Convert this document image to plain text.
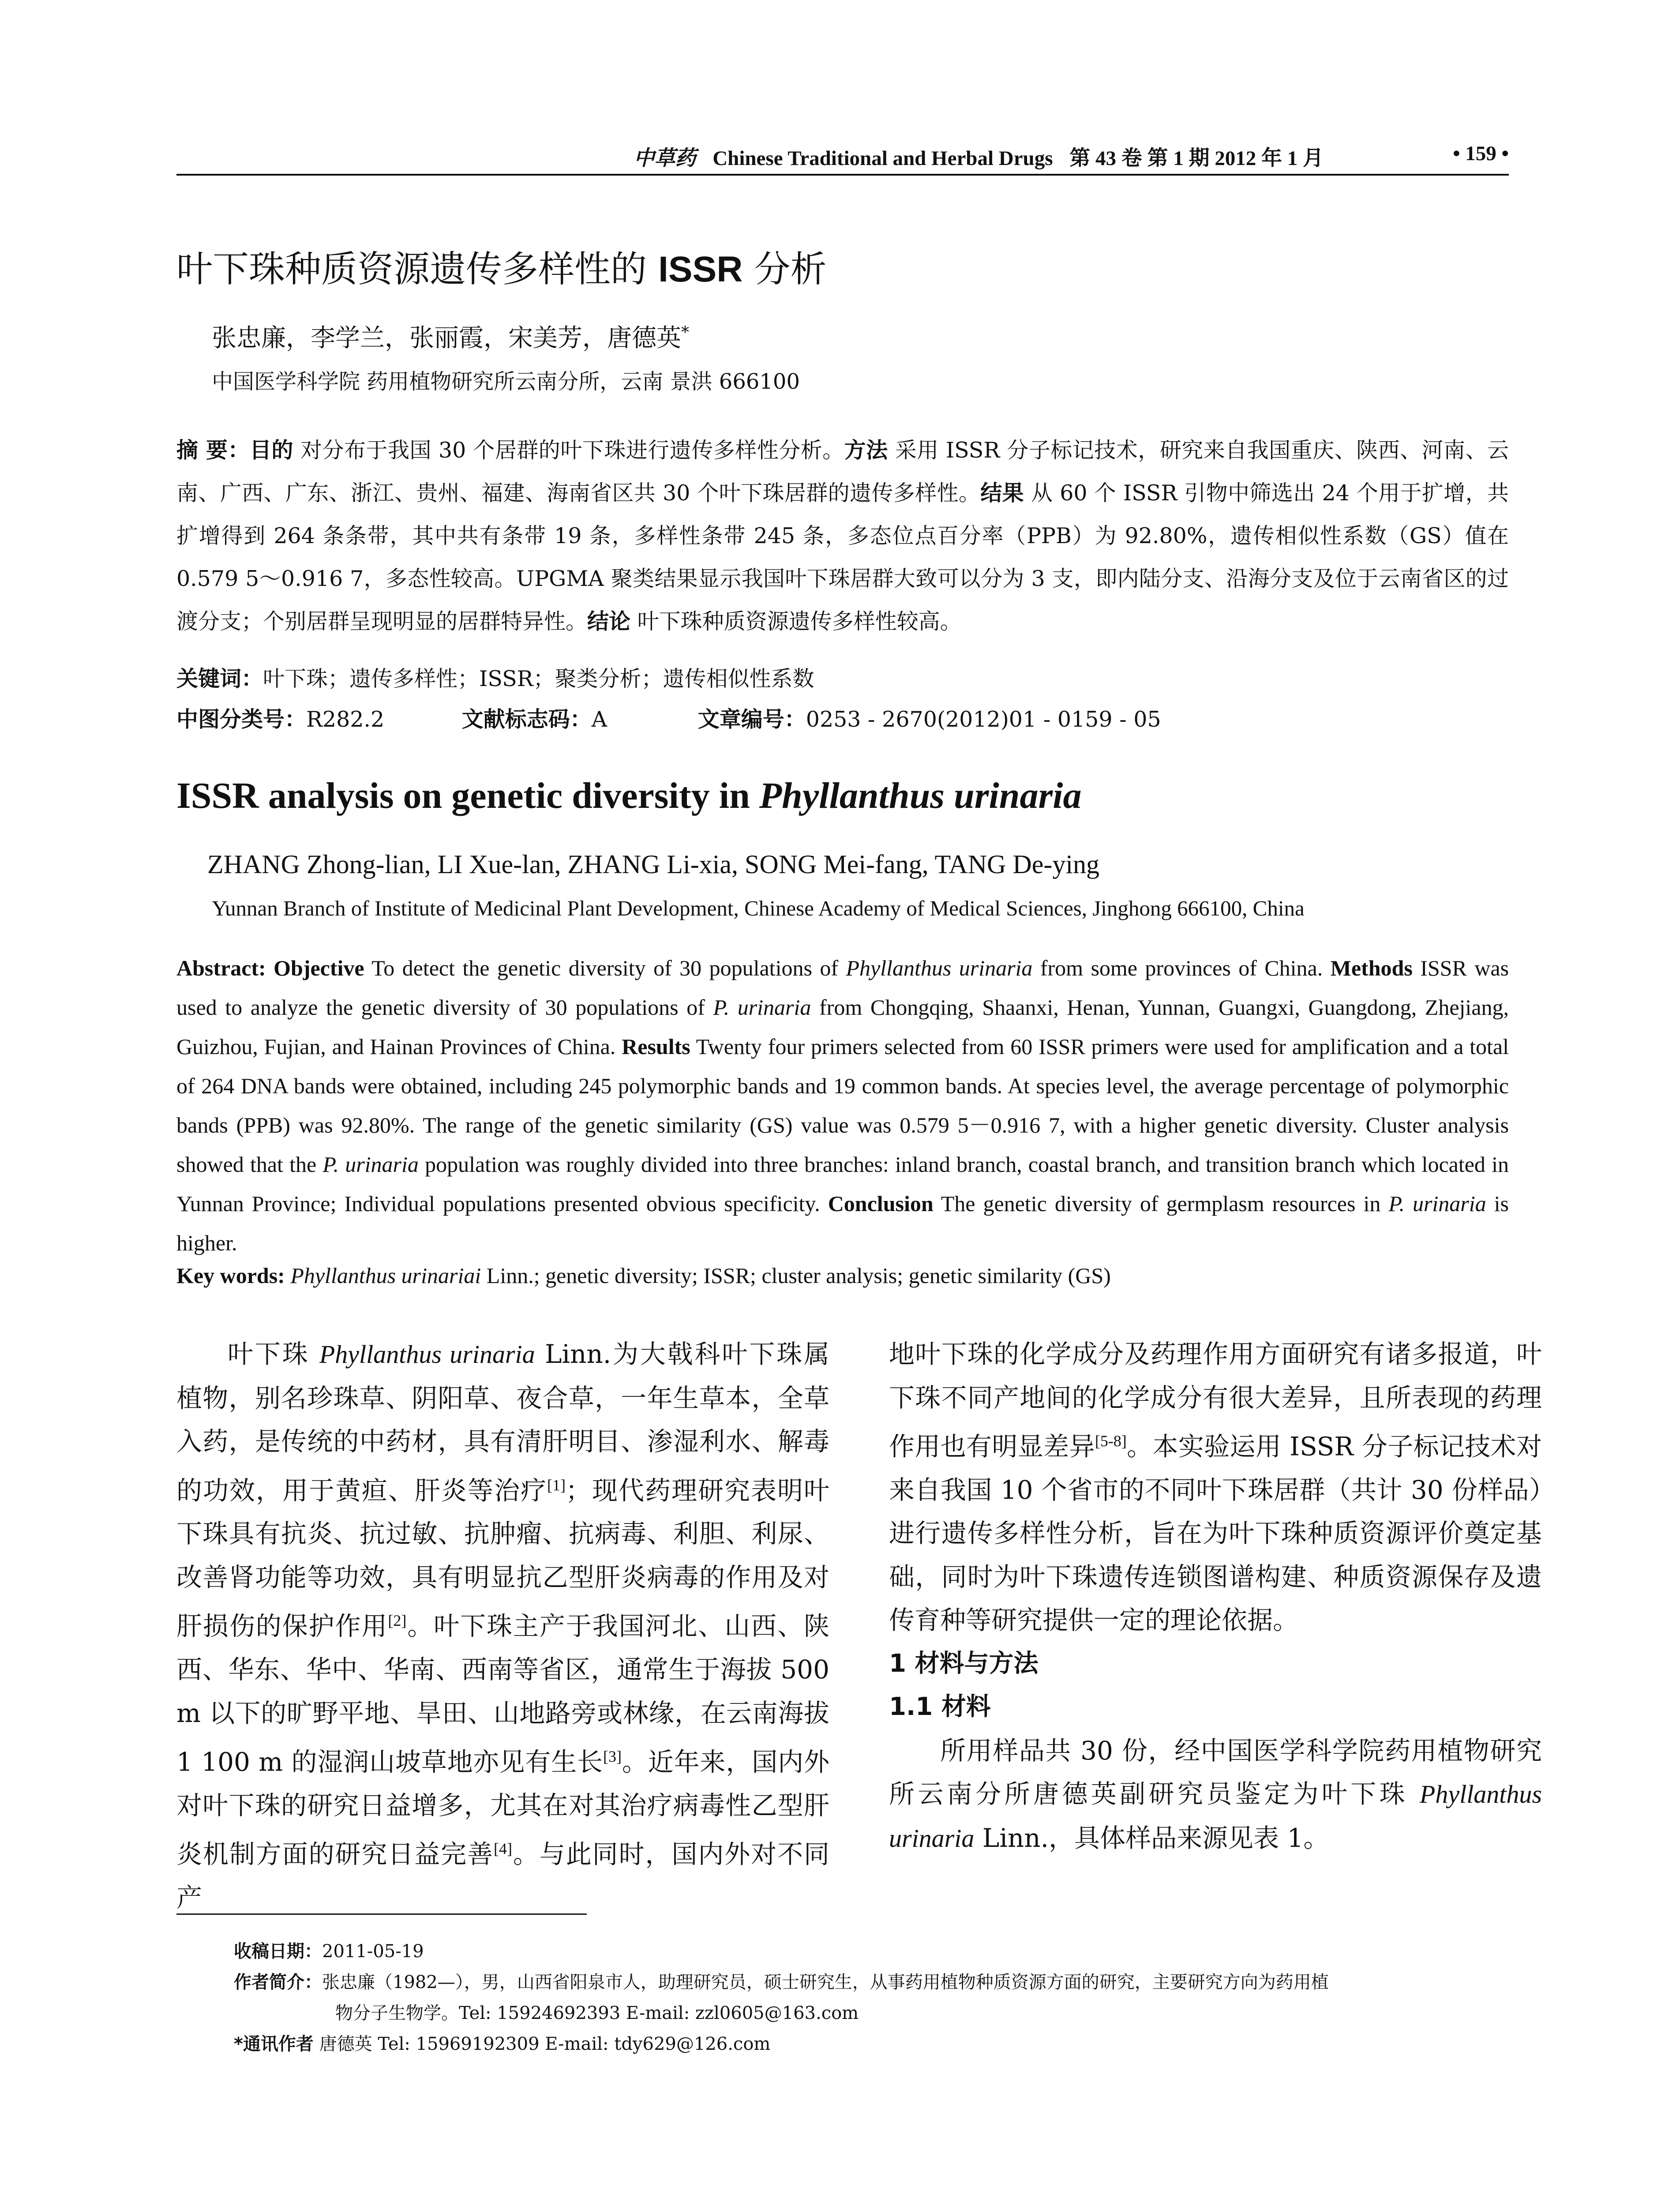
中草药 Chinese Traditional and Herbal Drugs 第 43 卷 第 1 期 2012 年 1 月	• 159 •
叶下珠种质资源遗传多样性的 ISSR 分析
张忠廉，李学兰，张丽霞，宋美芳，唐德英*
中国医学科学院 药用植物研究所云南分所，云南 景洪 666100
摘 要：目的 对分布于我国 30 个居群的叶下珠进行遗传多样性分析。方法 采用 ISSR 分子标记技术，研究来自我国重庆、陕西、河南、云南、广西、广东、浙江、贵州、福建、海南省区共 30 个叶下珠居群的遗传多样性。结果 从 60 个 ISSR 引物中筛选出 24 个用于扩增，共扩增得到 264 条条带，其中共有条带 19 条，多样性条带 245 条，多态位点百分率（PPB）为 92.80%，遗传相似性系数（GS）值在 0.579 5～0.916 7，多态性较高。UPGMA 聚类结果显示我国叶下珠居群大致可以分为 3 支，即内陆分支、沿海分支及位于云南省区的过渡分支；个别居群呈现明显的居群特异性。结论 叶下珠种质资源遗传多样性较高。
关键词：叶下珠；遗传多样性；ISSR；聚类分析；遗传相似性系数
中图分类号：R282.2	文献标志码：A	文章编号：0253 - 2670(2012)01 - 0159 - 05
ISSR analysis on genetic diversity in Phyllanthus urinaria
ZHANG Zhong-lian, LI Xue-lan, ZHANG Li-xia, SONG Mei-fang, TANG De-ying
Yunnan Branch of Institute of Medicinal Plant Development, Chinese Academy of Medical Sciences, Jinghong 666100, China
Abstract: Objective To detect the genetic diversity of 30 populations of Phyllanthus urinaria from some provinces of China. Methods ISSR was used to analyze the genetic diversity of 30 populations of P. urinaria from Chongqing, Shaanxi, Henan, Yunnan, Guangxi, Guangdong, Zhejiang, Guizhou, Fujian, and Hainan Provinces of China. Results Twenty four primers selected from 60 ISSR primers were used for amplification and a total of 264 DNA bands were obtained, including 245 polymorphic bands and 19 common bands. At species level, the average percentage of polymorphic bands (PPB) was 92.80%. The range of the genetic similarity (GS) value was 0.579 5－0.916 7, with a higher genetic diversity. Cluster analysis showed that the P. urinaria population was roughly divided into three branches: inland branch, coastal branch, and transition branch which located in Yunnan Province; Individual populations presented obvious specificity. Conclusion The genetic diversity of germplasm resources in P. urinaria is higher.
Key words: Phyllanthus urinariai Linn.; genetic diversity; ISSR; cluster analysis; genetic similarity (GS)

叶下珠 Phyllanthus urinaria Linn.为大戟科叶下珠属植物，别名珍珠草、阴阳草、夜合草，一年生草本，全草入药，是传统的中药材，具有清肝明目、渗湿利水、解毒的功效，用于黄疸、肝炎等治疗[1]；现代药理研究表明叶下珠具有抗炎、抗过敏、抗肿瘤、抗病毒、利胆、利尿、改善肾功能等功效，具有明显抗乙型肝炎病毒的作用及对肝损伤的保护作用[2]。叶下珠主产于我国河北、山西、陕西、华东、华中、华南、西南等省区，通常生于海拔 500 m 以下的旷野平地、旱田、山地路旁或林缘，在云南海拔 1 100 m 的湿润山坡草地亦见有生长[3]。近年来，国内外对叶下珠的研究日益增多，尤其在对其治疗病毒性乙型肝炎机制方面的研究日益完善[4]。与此同时，国内外对不同产

地叶下珠的化学成分及药理作用方面研究有诸多报道，叶下珠不同产地间的化学成分有很大差异，且所表现的药理作用也有明显差异[5-8]。本实验运用 ISSR 分子标记技术对来自我国 10 个省市的不同叶下珠居群（共计 30 份样品）进行遗传多样性分析，旨在为叶下珠种质资源评价奠定基础，同时为叶下珠遗传连锁图谱构建、种质资源保存及遗传育种等研究提供一定的理论依据。

1 材料与方法

1.1 材料

所用样品共 30 份，经中国医学科学院药用植物研究所云南分所唐德英副研究员鉴定为叶下珠 Phyllanthus urinaria Linn.，具体样品来源见表 1。

收稿日期：2011-05-19
作者简介：张忠廉（1982—），男，山西省阳泉市人，助理研究员，硕士研究生，从事药用植物种质资源方面的研究，主要研究方向为药用植
物分子生物学。Tel: 15924692393 E-mail: zzl0605@163.com
*通讯作者 唐德英 Tel: 15969192309 E-mail: tdy629@126.com
